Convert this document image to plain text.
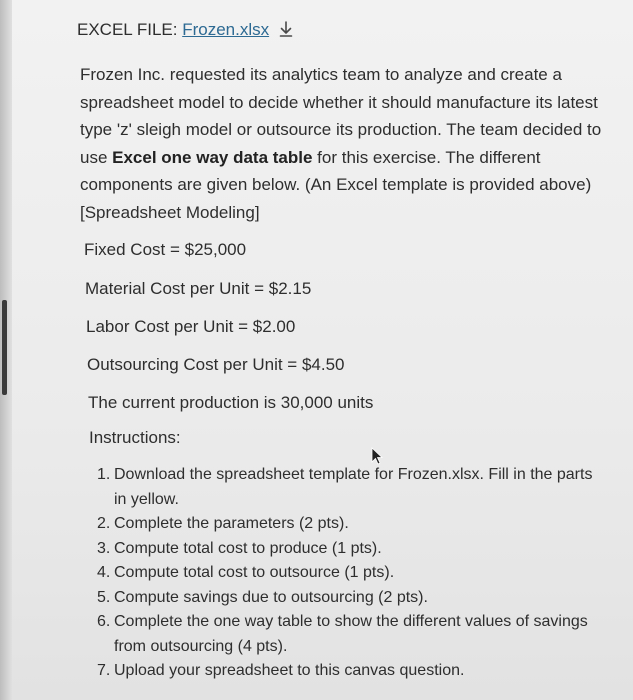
EXCEL FILE: Frozen.xlsx
Frozen Inc. requested its analytics team to analyze and create a spreadsheet model to decide whether it should manufacture its latest type 'z' sleigh model or outsource its production. The team decided to use Excel one way data table for this exercise. The different components are given below. (An Excel template is provided above) [Spreadsheet Modeling]
Fixed Cost = $25,000
Material Cost per Unit = $2.15
Labor Cost per Unit = $2.00
Outsourcing Cost per Unit = $4.50
The current production is 30,000 units
Instructions:
1. Download the spreadsheet template for Frozen.xlsx. Fill in the parts in yellow.
2. Complete the parameters (2 pts).
3. Compute total cost to produce (1 pts).
4. Compute total cost to outsource (1 pts).
5. Compute savings due to outsourcing (2 pts).
6. Complete the one way table to show the different values of savings from outsourcing (4 pts).
7. Upload your spreadsheet to this canvas question.
